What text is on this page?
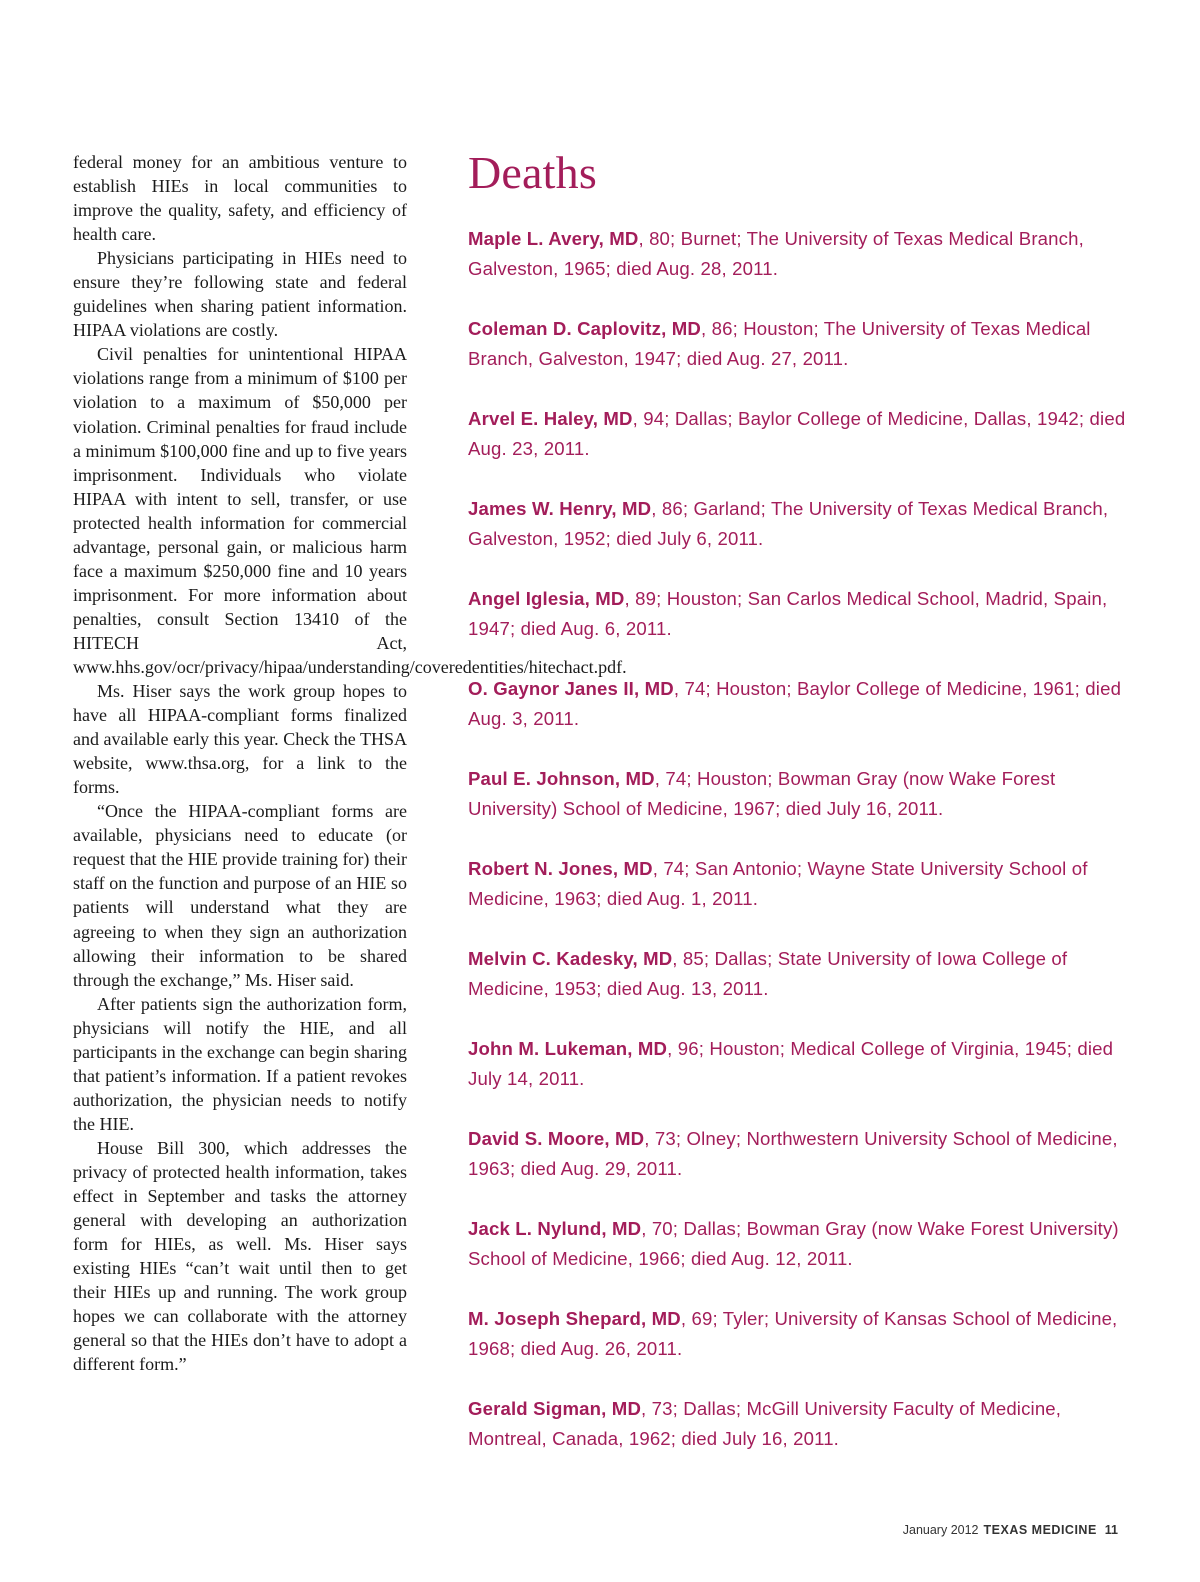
federal money for an ambitious venture to establish HIEs in local communities to improve the quality, safety, and efficiency of health care.

Physicians participating in HIEs need to ensure they’re following state and federal guidelines when sharing patient information. HIPAA violations are costly.

Civil penalties for unintentional HIPAA violations range from a minimum of $100 per violation to a maximum of $50,000 per violation. Criminal penalties for fraud include a minimum $100,000 fine and up to five years imprisonment. Individuals who violate HIPAA with intent to sell, transfer, or use protected health information for commercial advantage, personal gain, or malicious harm face a maximum $250,000 fine and 10 years imprisonment. For more information about penalties, consult Section 13410 of the HITECH Act, www.hhs.gov/ocr/privacy/hipaa/understanding/coveredentities/hitechact.pdf.

Ms. Hiser says the work group hopes to have all HIPAA-compliant forms finalized and available early this year. Check the THSA website, www.thsa.org, for a link to the forms.

“Once the HIPAA-compliant forms are available, physicians need to educate (or request that the HIE provide training for) their staff on the function and purpose of an HIE so patients will understand what they are agreeing to when they sign an authorization allowing their information to be shared through the exchange,” Ms. Hiser said.

After patients sign the authorization form, physicians will notify the HIE, and all participants in the exchange can begin sharing that patient’s information. If a patient revokes authorization, the physician needs to notify the HIE.

House Bill 300, which addresses the privacy of protected health information, takes effect in September and tasks the attorney general with developing an authorization form for HIEs, as well. Ms. Hiser says existing HIEs “can’t wait until then to get their HIEs up and running. The work group hopes we can collaborate with the attorney general so that the HIEs don’t have to adopt a different form.”

Deaths
Maple L. Avery, MD, 80; Burnet; The University of Texas Medical Branch, Galveston, 1965; died Aug. 28, 2011.
Coleman D. Caplovitz, MD, 86; Houston; The University of Texas Medical Branch, Galveston, 1947; died Aug. 27, 2011.
Arvel E. Haley, MD, 94; Dallas; Baylor College of Medicine, Dallas, 1942; died Aug. 23, 2011.
James W. Henry, MD, 86; Garland; The University of Texas Medical Branch, Galveston, 1952; died July 6, 2011.
Angel Iglesia, MD, 89; Houston; San Carlos Medical School, Madrid, Spain, 1947; died Aug. 6, 2011.
O. Gaynor Janes II, MD, 74; Houston; Baylor College of Medicine, 1961; died Aug. 3, 2011.
Paul E. Johnson, MD, 74; Houston; Bowman Gray (now Wake Forest University) School of Medicine, 1967; died July 16, 2011.
Robert N. Jones, MD, 74; San Antonio; Wayne State University School of Medicine, 1963; died Aug. 1, 2011.
Melvin C. Kadesky, MD, 85; Dallas; State University of Iowa College of Medicine, 1953; died Aug. 13, 2011.
John M. Lukeman, MD, 96; Houston; Medical College of Virginia, 1945; died July 14, 2011.
David S. Moore, MD, 73; Olney; Northwestern University School of Medicine, 1963; died Aug. 29, 2011.
Jack L. Nylund, MD, 70; Dallas; Bowman Gray (now Wake Forest University) School of Medicine, 1966; died Aug. 12, 2011.
M. Joseph Shepard, MD, 69; Tyler; University of Kansas School of Medicine, 1968; died Aug. 26, 2011.
Gerald Sigman, MD, 73; Dallas; McGill University Faculty of Medicine, Montreal, Canada, 1962; died July 16, 2011.
January 2012 TEXAS MEDICINE 11
